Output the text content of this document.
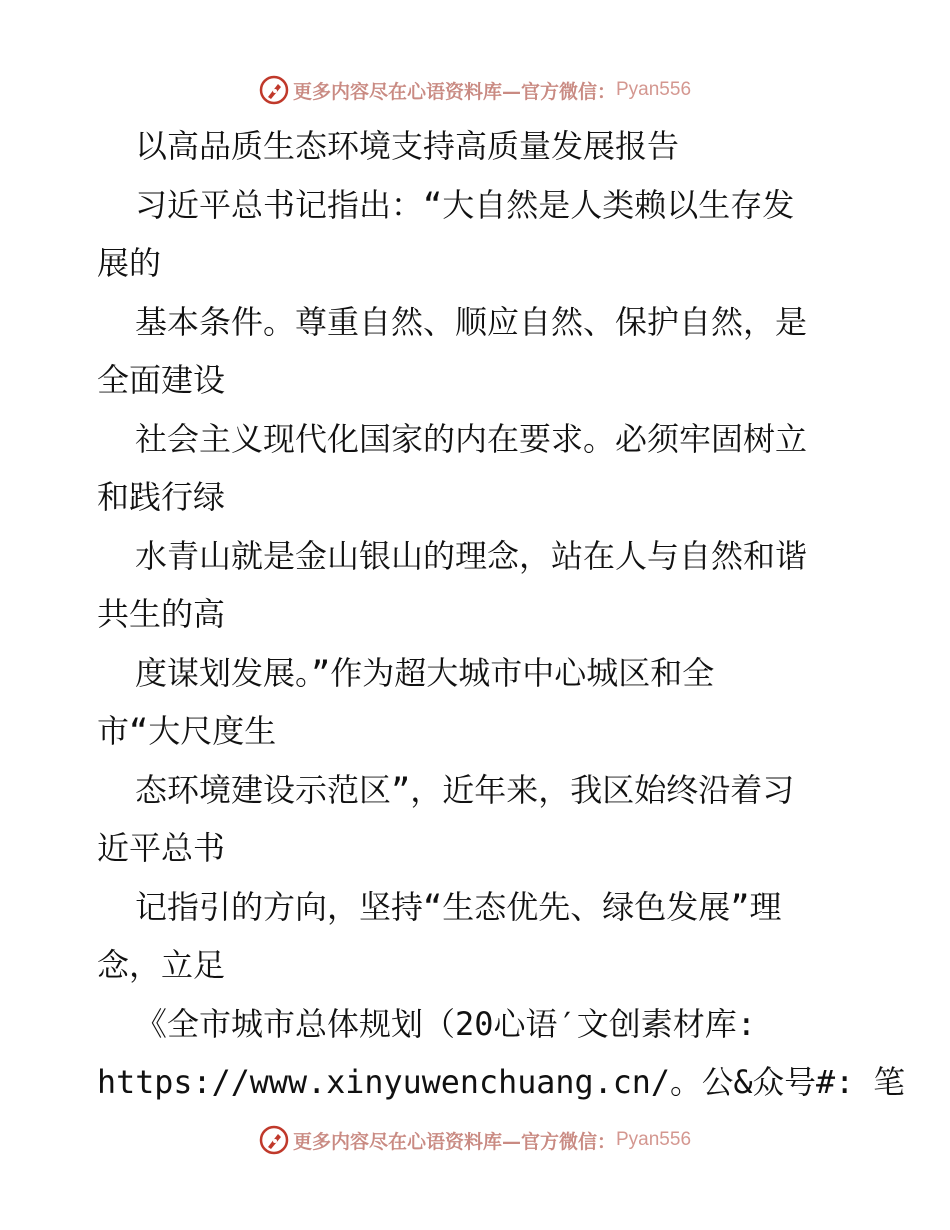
更多内容尽在心语资料库—官方微信： Pyan556
以高品质生态环境支持高质量发展报告
习近平总书记指出：“大自然是人类赖以生存发
展的
基本条件。尊重自然、顺应自然、保护自然，是
全面建设
社会主义现代化国家的内在要求。必须牢固树立
和践行绿
水青山就是金山银山的理念，站在人与自然和谐
共生的高
度谋划发展。”作为超大城市中心城区和全
市“大尺度生
态环境建设示范区”，近年来，我区始终沿着习
近平总书
记指引的方向，坚持“生态优先、绿色发展”理
念，立足
《全市城市总体规划（20心语′文创素材库:
https://www.xinyuwenchuang.cn/。公&众号#: 笔
更多内容尽在心语资料库—官方微信： Pyan556
